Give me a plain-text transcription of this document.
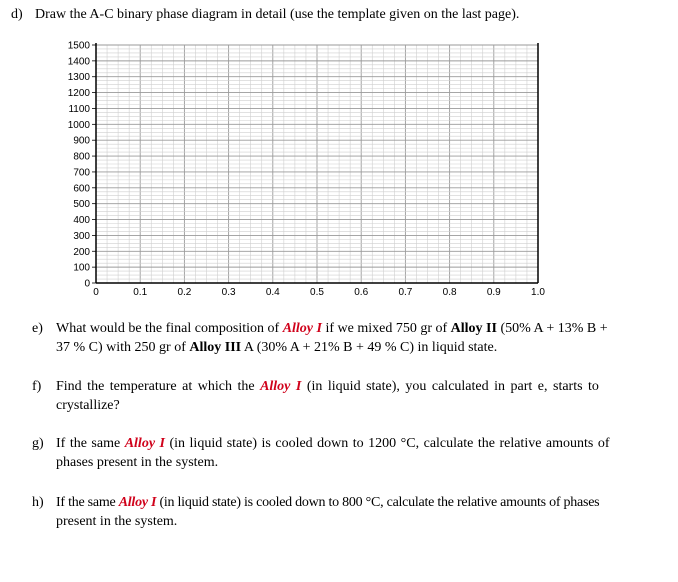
d) Draw the A-C binary phase diagram in detail (use the template given on the last page).
0
100
200
300
400
500
600
700
800
900
1000
1100
1200
1300
1400
1500
0	0.1	0.2	0.3	0.4	0.5	0.6	0.7	0.8	0.9	1.0
e) What would be the final composition of Alloy I if we mixed 750 gr of Alloy II (50% A + 13% B +
37 % C) with 250 gr of Alloy III A (30% A + 21% B + 49 % C) in liquid state.
f) Find the temperature at which the Alloy I (in liquid state), you calculated in part e, starts to
crystallize?
g) If the same Alloy I (in liquid state) is cooled down to 1200 °C, calculate the relative amounts of
phases present in the system.
h) If the same Alloy I (in liquid state) is cooled down to 800 °C, calculate the relative amounts of phases
present in the system.
